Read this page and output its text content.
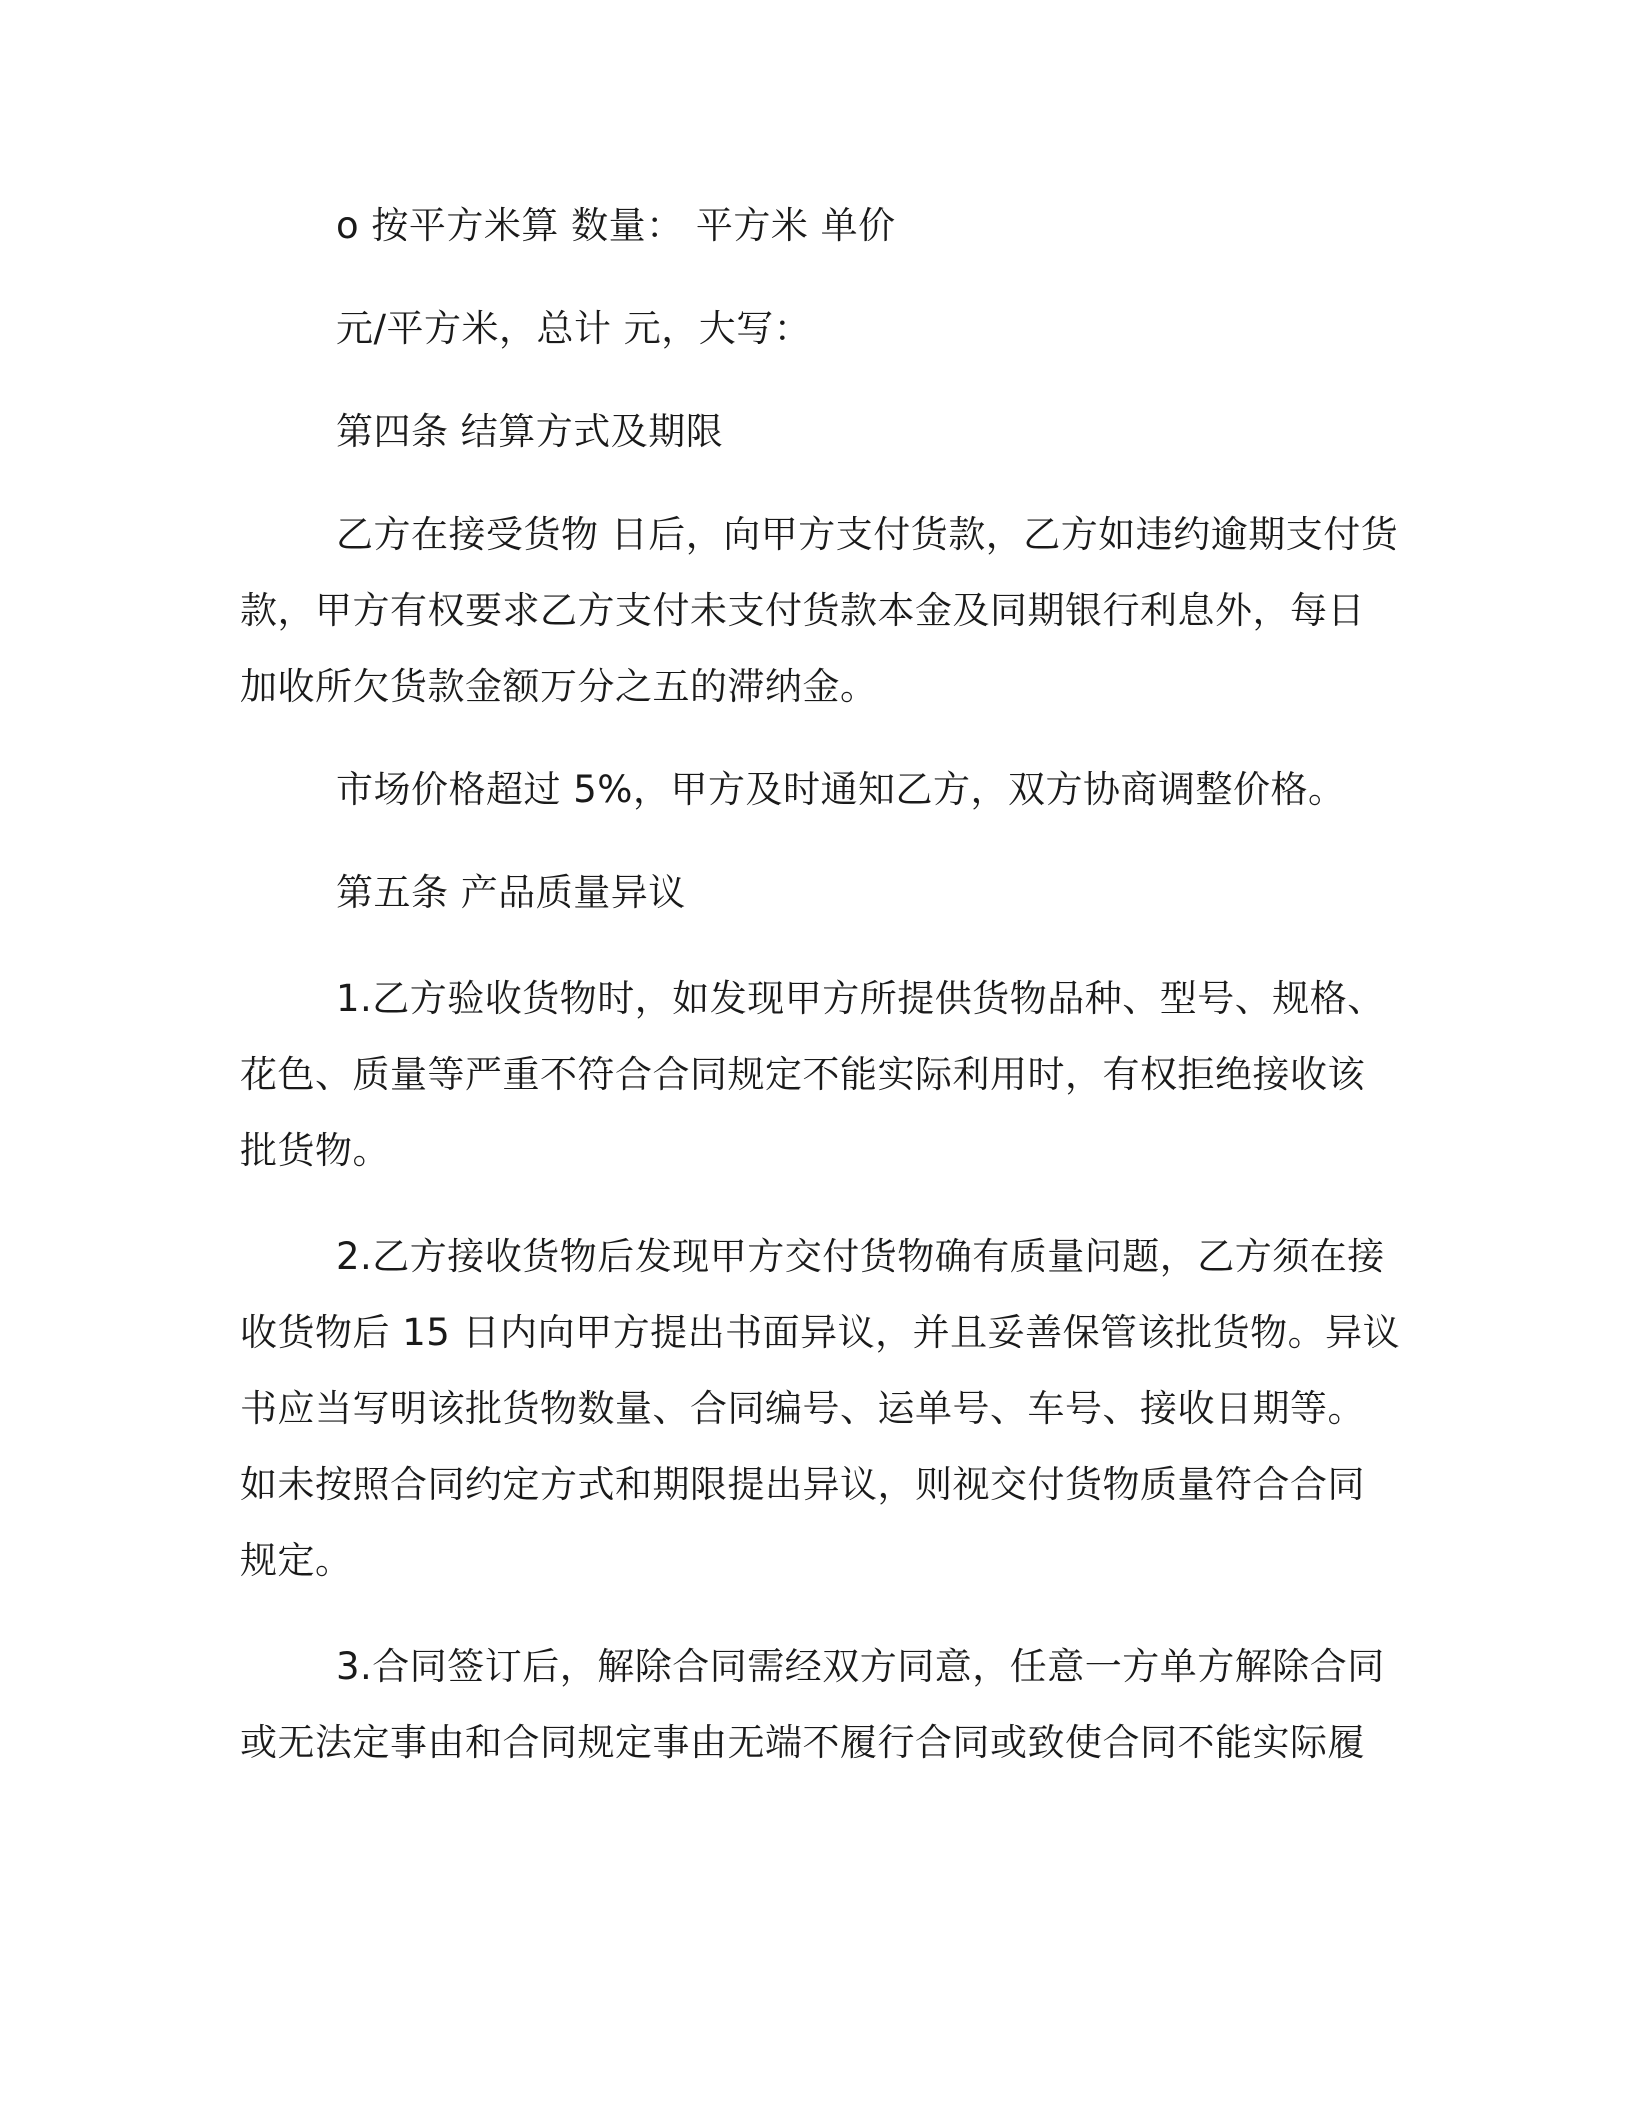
o 按平方米算 数量： 平方米 单价
元/平方米，总计 元，大写：
第四条 结算方式及期限
乙方在接受货物 日后，向甲方支付货款，乙方如违约逾期支付货
款，甲方有权要求乙方支付未支付货款本金及同期银行利息外，每日
加收所欠货款金额万分之五的滞纳金。
市场价格超过 5%，甲方及时通知乙方，双方协商调整价格。
第五条 产品质量异议
1.乙方验收货物时，如发现甲方所提供货物品种、型号、规格、
花色、质量等严重不符合合同规定不能实际利用时，有权拒绝接收该
批货物。
2.乙方接收货物后发现甲方交付货物确有质量问题，乙方须在接
收货物后 15 日内向甲方提出书面异议，并且妥善保管该批货物。异议
书应当写明该批货物数量、合同编号、运单号、车号、接收日期等。
如未按照合同约定方式和期限提出异议，则视交付货物质量符合合同
规定。
3.合同签订后，解除合同需经双方同意，任意一方单方解除合同
或无法定事由和合同规定事由无端不履行合同或致使合同不能实际履
